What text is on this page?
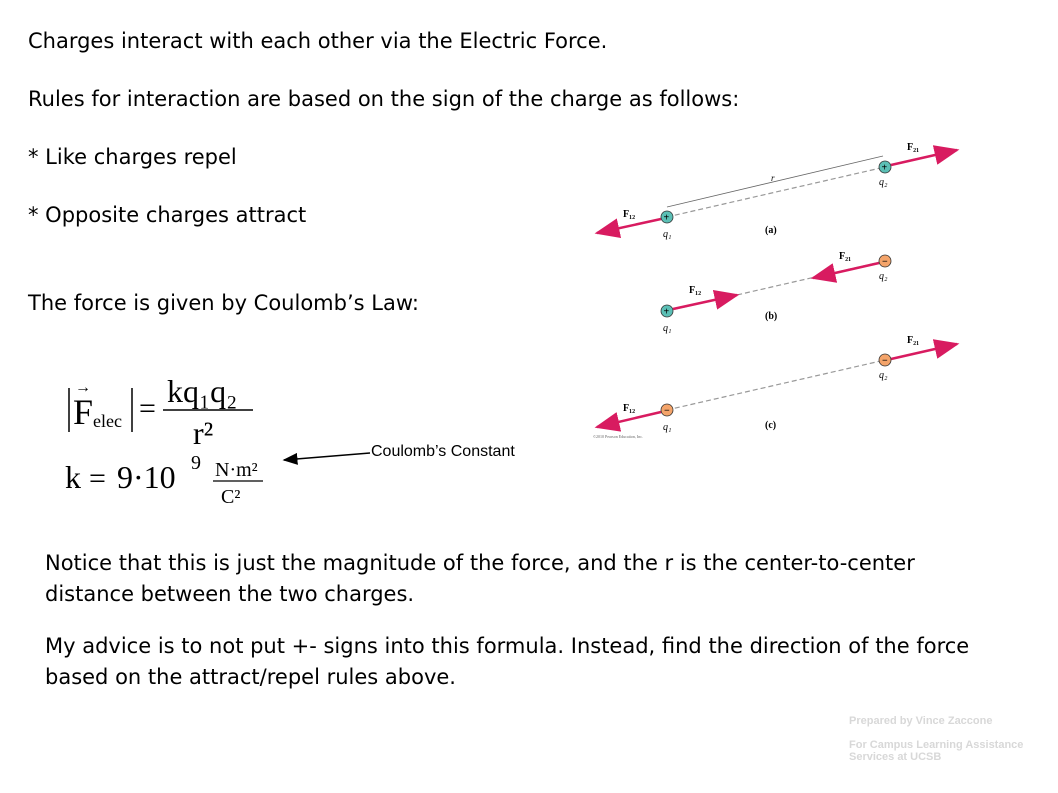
Charges interact with each other via the Electric Force.
Rules for interaction are based on the sign of the charge as follows:
* Like charges repel
* Opposite charges attract
The force is given by Coulomb’s Law:
F
→
elec = kq₁q₂
r²
k = 9·10 9 N·m²
C²
Coulomb’s Constant
r
+
+
F₁₂
F₂₁
q₁
q₂
(a)
+
−
F₁₂
F₂₁
q₁
q₂
(b)
−
−
F₁₂
F₂₁
q₁
q₂
(c)
©2010 Pearson Education, Inc.
Notice that this is just the magnitude of the force, and the r is the center-to-center distance between the two charges.
My advice is to not put +- signs into this formula. Instead, find the direction of the force based on the attract/repel rules above.
Prepared by Vince Zaccone
For Campus Learning Assistance Services at UCSB
